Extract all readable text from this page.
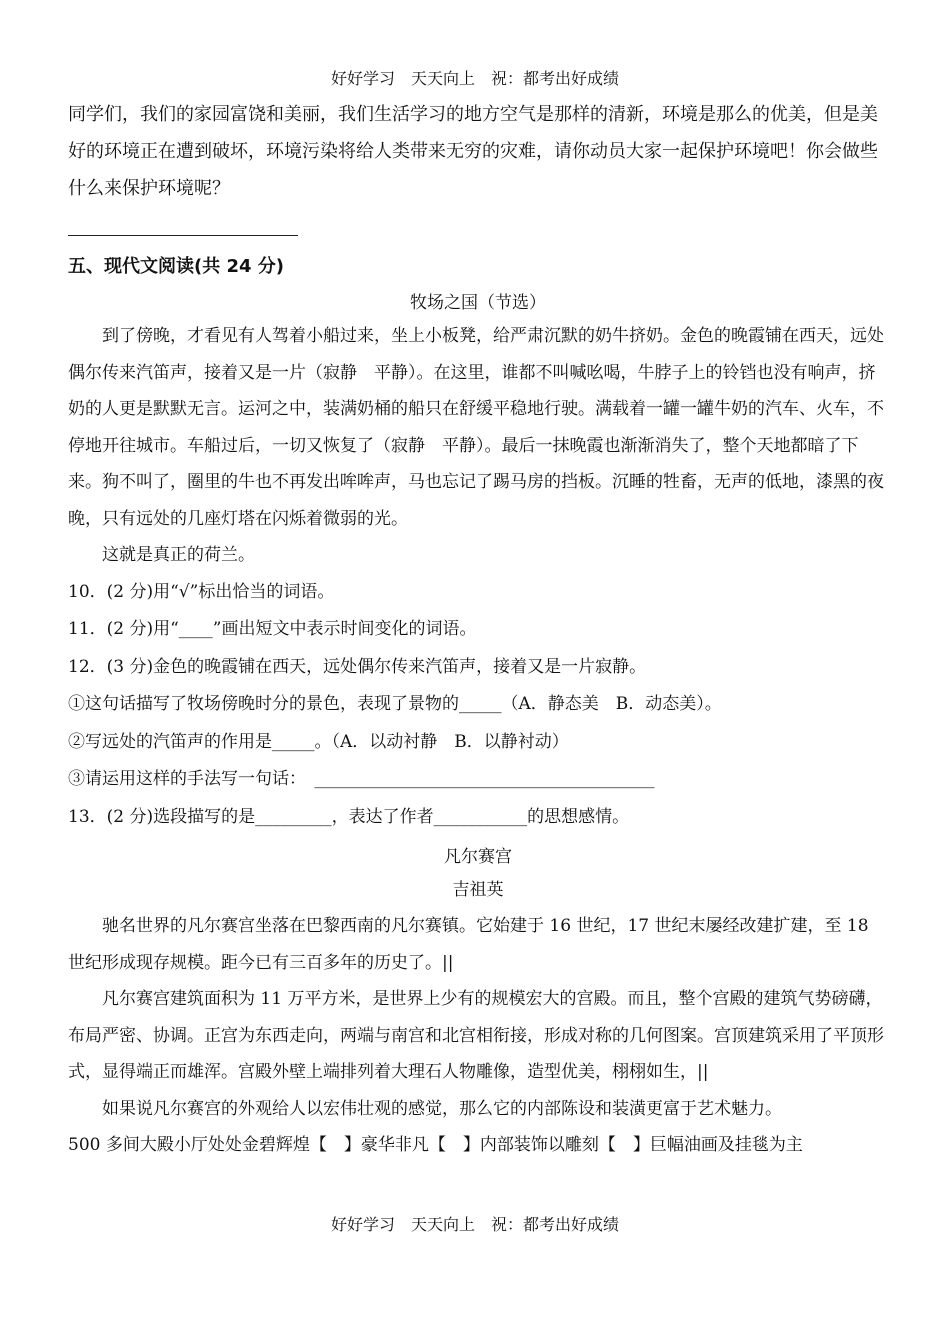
好好学习　天天向上　祝：都考出好成绩

同学们，我们的家园富饶和美丽，我们生活学习的地方空气是那样的清新，环境是那么的优美，但是美好的环境正在遭到破坏，环境污染将给人类带来无穷的灾难，请你动员大家一起保护环境吧！你会做些什么来保护环境呢？

五、现代文阅读(共 24 分)

牧场之国（节选）

到了傍晚，才看见有人驾着小船过来，坐上小板凳，给严肃沉默的奶牛挤奶。金色的晚霞铺在西天，远处偶尔传来汽笛声，接着又是一片（寂静　平静）。在这里，谁都不叫喊吆喝，牛脖子上的铃铛也没有响声，挤奶的人更是默默无言。运河之中，装满奶桶的船只在舒缓平稳地行驶。满载着一罐一罐牛奶的汽车、火车，不停地开往城市。车船过后，一切又恢复了（寂静　平静）。最后一抹晚霞也渐渐消失了，整个天地都暗了下来。狗不叫了，圈里的牛也不再发出哞哞声，马也忘记了踢马房的挡板。沉睡的牲畜，无声的低地，漆黑的夜晚，只有远处的几座灯塔在闪烁着微弱的光。

这就是真正的荷兰。

10．(2 分)用“√”标出恰当的词语。

11．(2 分)用“____”画出短文中表示时间变化的词语。

12．(3 分)金色的晚霞铺在西天，远处偶尔传来汽笛声，接着又是一片寂静。

①这句话描写了牧场傍晚时分的景色，表现了景物的_____（A．静态美　B．动态美）。

②写远处的汽笛声的作用是_____。（A．以动衬静　B．以静衬动）

③请运用这样的手法写一句话：　________________________________________

13．(2 分)选段描写的是_________，表达了作者___________的思想感情。

凡尔赛宫

吉祖英

驰名世界的凡尔赛宫坐落在巴黎西南的凡尔赛镇。它始建于 16 世纪，17 世纪末屡经改建扩建，至 18 世纪形成现存规模。距今已有三百多年的历史了。||

凡尔赛宫建筑面积为 11 万平方米，是世界上少有的规模宏大的宫殿。而且，整个宫殿的建筑气势磅礴，布局严密、协调。正宫为东西走向，两端与南宫和北宫相衔接，形成对称的几何图案。宫顶建筑采用了平顶形式，显得端正而雄浑。宫殿外壁上端排列着大理石人物雕像，造型优美，栩栩如生，||

如果说凡尔赛宫的外观给人以宏伟壮观的感觉，那么它的内部陈设和装潢更富于艺术魅力。

500 多间大殿小厅处处金碧辉煌【　】豪华非凡【　】内部装饰以雕刻【　】巨幅油画及挂毯为主

好好学习　天天向上　祝：都考出好成绩
